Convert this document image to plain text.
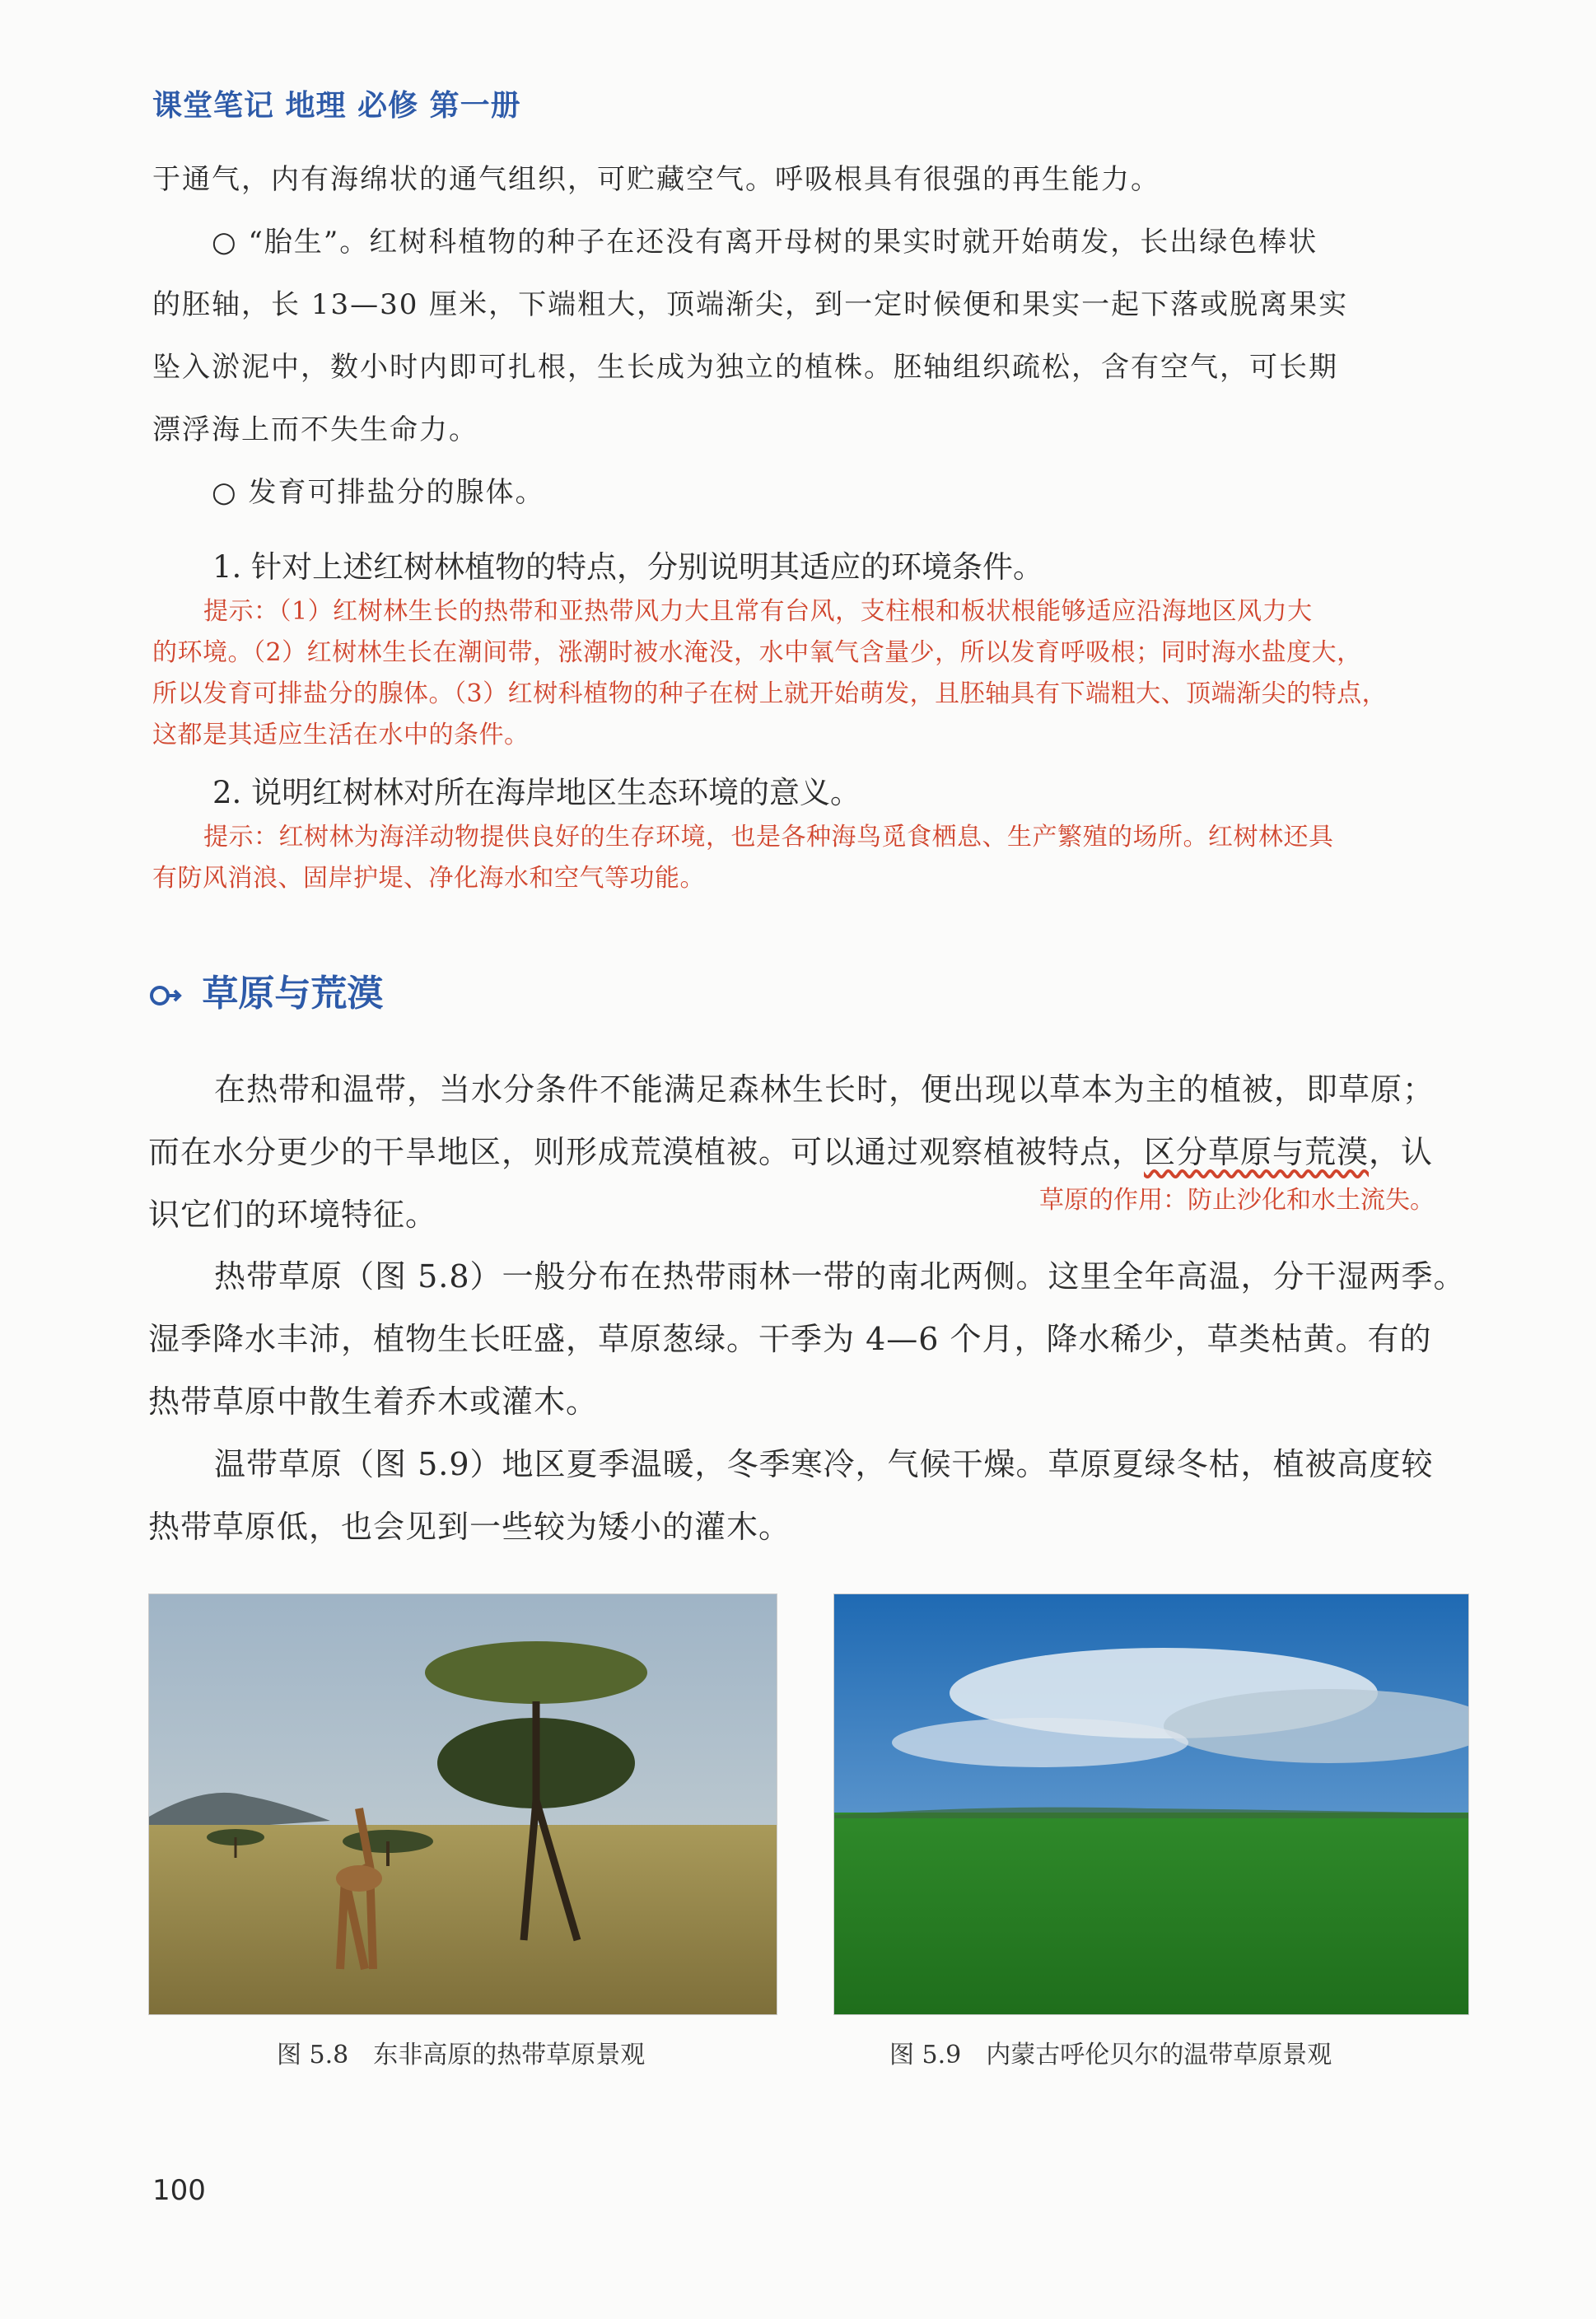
课堂笔记 地理 必修 第一册
于通气，内有海绵状的通气组织，可贮藏空气。呼吸根具有很强的再生能力。
○ “胎生”。红树科植物的种子在还没有离开母树的果实时就开始萌发，长出绿色棒状
的胚轴，长 13—30 厘米，下端粗大，顶端渐尖，到一定时候便和果实一起下落或脱离果实
坠入淤泥中，数小时内即可扎根，生长成为独立的植株。胚轴组织疏松，含有空气，可长期
漂浮海上而不失生命力。
○ 发育可排盐分的腺体。
1. 针对上述红树林植物的特点，分别说明其适应的环境条件。
提示：（1）红树林生长的热带和亚热带风力大且常有台风，支柱根和板状根能够适应沿海地区风力大
的环境。（2）红树林生长在潮间带，涨潮时被水淹没，水中氧气含量少，所以发育呼吸根；同时海水盐度大，
所以发育可排盐分的腺体。（3）红树科植物的种子在树上就开始萌发，且胚轴具有下端粗大、顶端渐尖的特点，
这都是其适应生活在水中的条件。
2. 说明红树林对所在海岸地区生态环境的意义。
提示：红树林为海洋动物提供良好的生存环境，也是各种海鸟觅食栖息、生产繁殖的场所。红树林还具
有防风消浪、固岸护堤、净化海水和空气等功能。
草原与荒漠
在热带和温带，当水分条件不能满足森林生长时，便出现以草本为主的植被，即草原；
而在水分更少的干旱地区，则形成荒漠植被。可以通过观察植被特点，区分草原与荒漠，认
识它们的环境特征。	草原的作用：防止沙化和水土流失。
热带草原（图 5.8）一般分布在热带雨林一带的南北两侧。这里全年高温，分干湿两季。
湿季降水丰沛，植物生长旺盛，草原葱绿。干季为 4—6 个月，降水稀少，草类枯黄。有的
热带草原中散生着乔木或灌木。
温带草原（图 5.9）地区夏季温暖，冬季寒冷，气候干燥。草原夏绿冬枯，植被高度较
热带草原低，也会见到一些较为矮小的灌木。
图 5.8　东非高原的热带草原景观	图 5.9　内蒙古呼伦贝尔的温带草原景观
100
